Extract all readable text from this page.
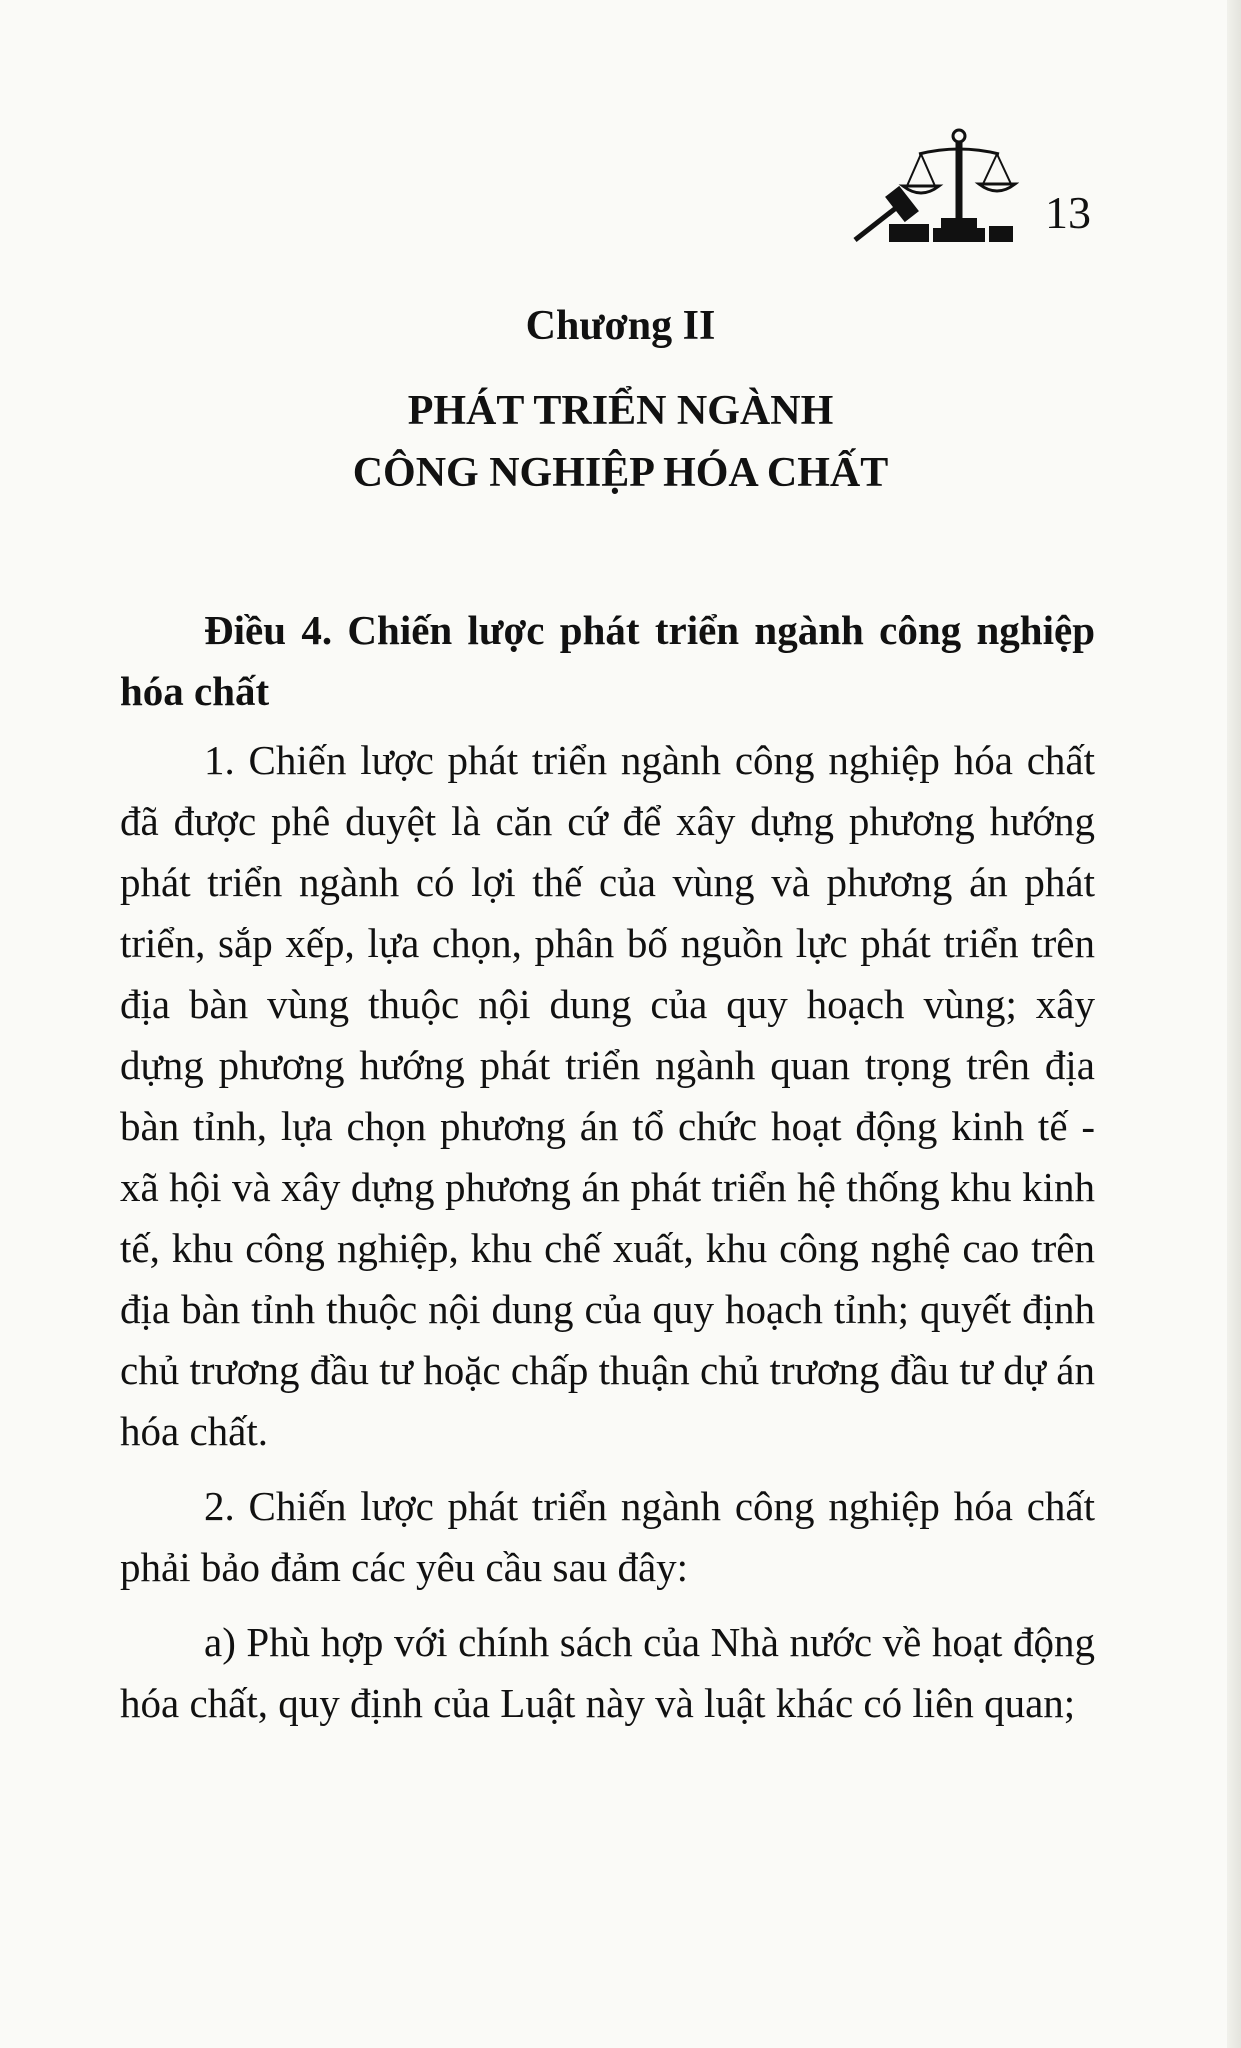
13
Chương II
PHÁT TRIỂN NGÀNH
CÔNG NGHIỆP HÓA CHẤT

Điều 4. Chiến lược phát triển ngành công nghiệp hóa chất

1. Chiến lược phát triển ngành công nghiệp hóa chất đã được phê duyệt là căn cứ để xây dựng phương hướng phát triển ngành có lợi thế của vùng và phương án phát triển, sắp xếp, lựa chọn, phân bố nguồn lực phát triển trên địa bàn vùng thuộc nội dung của quy hoạch vùng; xây dựng phương hướng phát triển ngành quan trọng trên địa bàn tỉnh, lựa chọn phương án tổ chức hoạt động kinh tế - xã hội và xây dựng phương án phát triển hệ thống khu kinh tế, khu công nghiệp, khu chế xuất, khu công nghệ cao trên địa bàn tỉnh thuộc nội dung của quy hoạch tỉnh; quyết định chủ trương đầu tư hoặc chấp thuận chủ trương đầu tư dự án hóa chất.

2. Chiến lược phát triển ngành công nghiệp hóa chất phải bảo đảm các yêu cầu sau đây:

a) Phù hợp với chính sách của Nhà nước về hoạt động hóa chất, quy định của Luật này và luật khác có liên quan;
